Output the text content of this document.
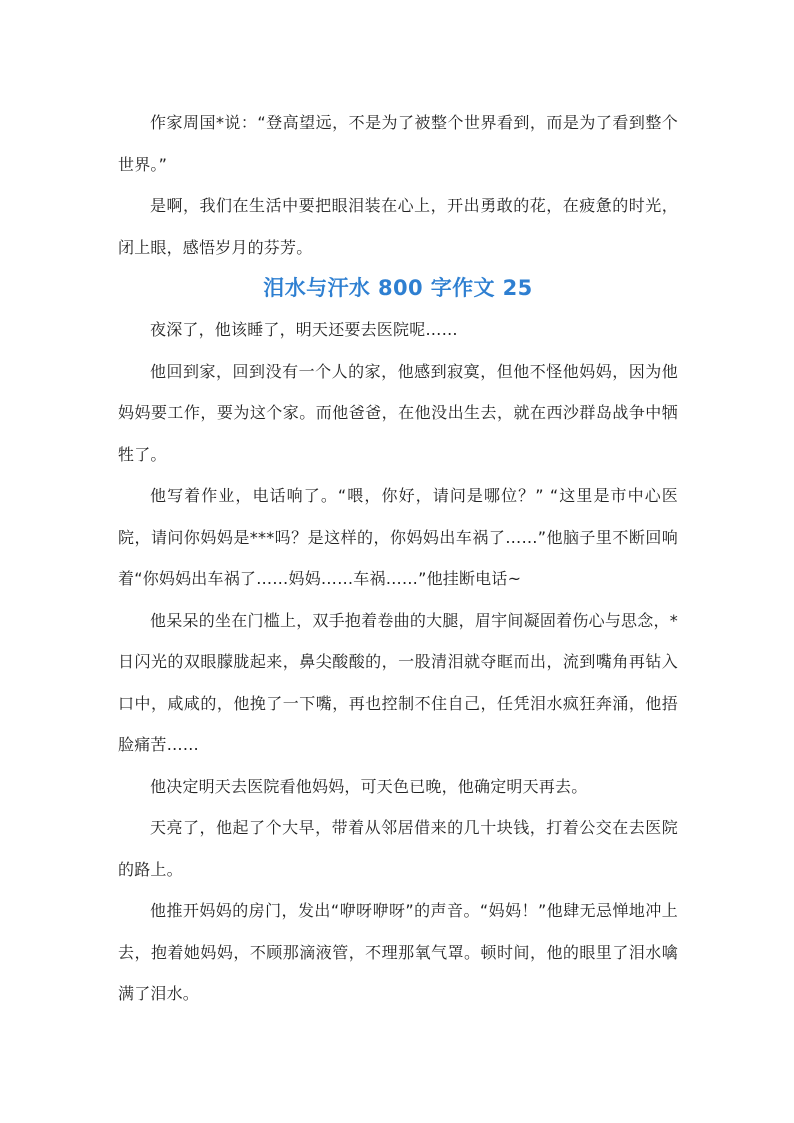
作家周国*说：“登高望远，不是为了被整个世界看到，而是为了看到整个世界。”

是啊，我们在生活中要把眼泪装在心上，开出勇敢的花，在疲惫的时光，闭上眼，感悟岁月的芬芳。

泪水与汗水 800 字作文 25

夜深了，他该睡了，明天还要去医院呢……

他回到家，回到没有一个人的家，他感到寂寞，但他不怪他妈妈，因为他妈妈要工作，要为这个家。而他爸爸，在他没出生去，就在西沙群岛战争中牺牲了。

他写着作业，电话响了。“喂，你好，请问是哪位？” “这里是市中心医院，请问你妈妈是***吗？是这样的，你妈妈出车祸了……”他脑子里不断回响着“你妈妈出车祸了……妈妈……车祸……”他挂断电话~

他呆呆的坐在门槛上，双手抱着卷曲的大腿，眉宇间凝固着伤心与思念，*日闪光的双眼朦胧起来，鼻尖酸酸的，一股清泪就夺眶而出，流到嘴角再钻入口中，咸咸的，他挽了一下嘴，再也控制不住自己，任凭泪水疯狂奔涌，他捂脸痛苦……

他决定明天去医院看他妈妈，可天色已晚，他确定明天再去。

天亮了，他起了个大早，带着从邻居借来的几十块钱，打着公交在去医院的路上。

他推开妈妈的房门，发出“咿呀咿呀”的声音。“妈妈！”他肆无忌惮地冲上去，抱着她妈妈，不顾那滴液管，不理那氧气罩。顿时间，他的眼里了泪水噙满了泪水。
